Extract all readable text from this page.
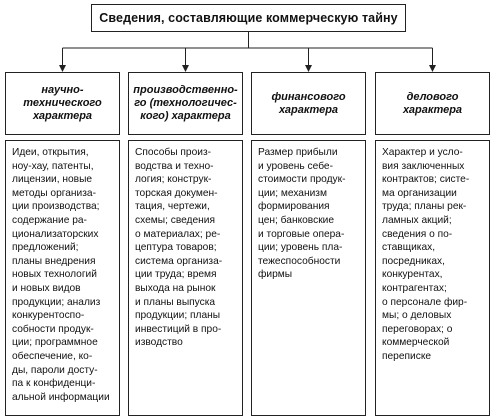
Сведения, составляющие коммерческую тайну
научно-
технического
характера
производственно-
го (технологичес-
кого) характера
финансового
характера
делового
характера
Идеи, открытия,
ноу-хау, патенты,
лицензии, новые
методы организа-
ции производства;
содержание ра-
ционализаторских
предложений;
планы внедрения
новых технологий
и новых видов
продукции; анализ
конкурентоспо-
собности продук-
ции; программное
обеспечение, ко-
ды, пароли досту-
па к конфиденци-
альной информации
Способы произ-
водства и техно-
логия; конструк-
торская докумен-
тация, чертежи,
схемы; сведения
о материалах; ре-
цептура товаров;
система организа-
ции труда; время
выхода на рынок
и планы выпуска
продукции; планы
инвестиций в про-
изводство
Размер прибыли
и уровень себе-
стоимости продук-
ции; механизм
формирования
цен; банковские
и торговые опера-
ции; уровень пла-
тежеспособности
фирмы
Характер и усло-
вия заключенных
контрактов; систе-
ма организации
труда; планы рек-
ламных акций;
сведения о по-
ставщиках,
посредниках,
конкурентах,
контрагентах;
о персонале фир-
мы; о деловых
переговорах; о
коммерческой
переписке
